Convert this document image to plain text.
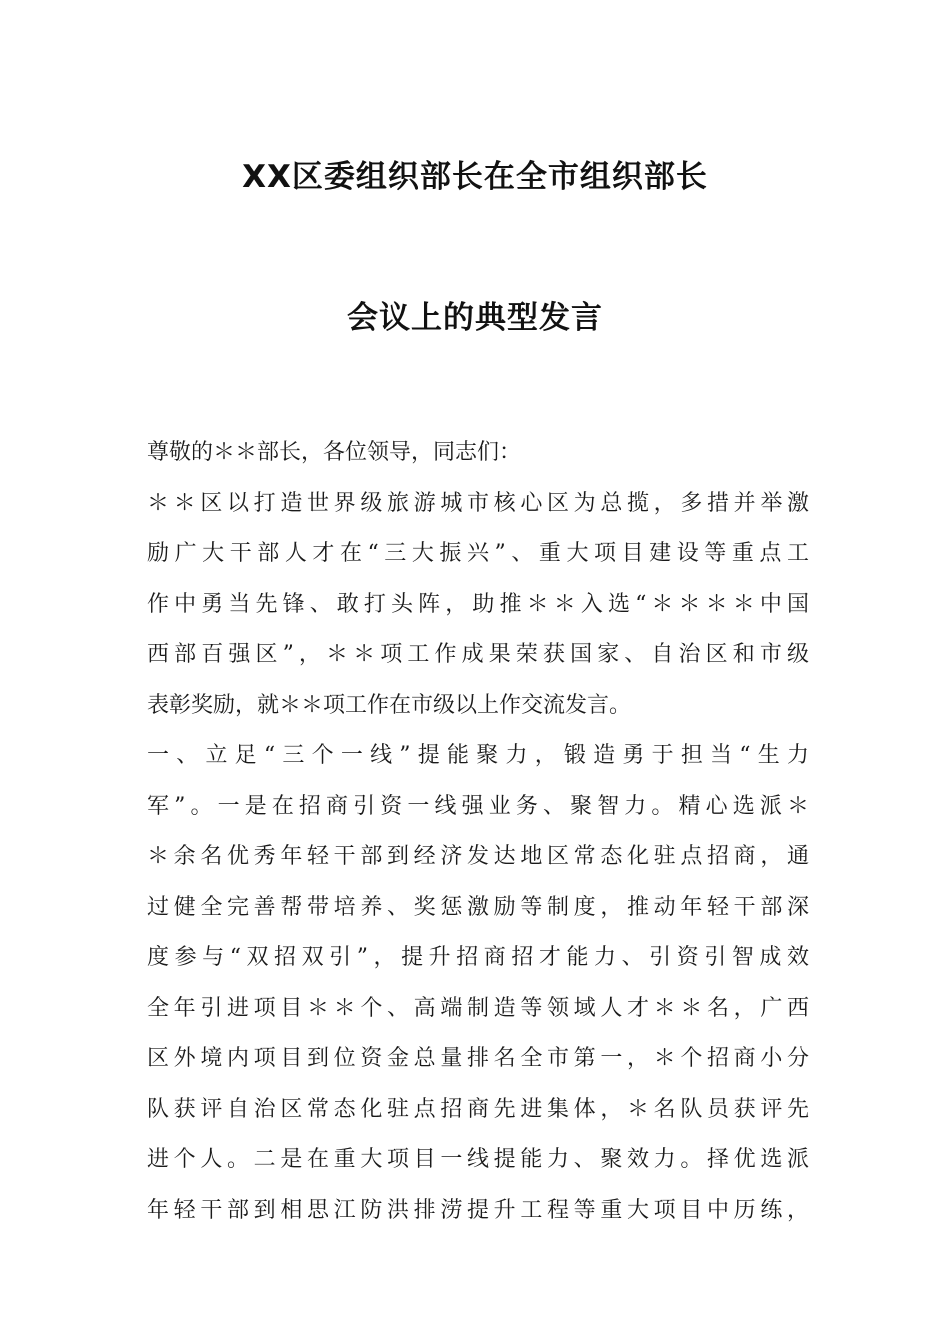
XX区委组织部长在全市组织部长
会议上的典型发言
尊敬的＊＊部长，各位领导，同志们：
＊＊区以打造世界级旅游城市核心区为总揽，多措并举激
励广大干部人才在“三大振兴”、重大项目建设等重点工
作中勇当先锋、敢打头阵，助推＊＊入选“＊＊＊＊中国
西部百强区”，＊＊项工作成果荣获国家、自治区和市级
表彰奖励，就＊＊项工作在市级以上作交流发言。
一、立足“三个一线”提能聚力，锻造勇于担当“生力
军”。一是在招商引资一线强业务、聚智力。精心选派＊
＊余名优秀年轻干部到经济发达地区常态化驻点招商，通
过健全完善帮带培养、奖惩激励等制度，推动年轻干部深
度参与“双招双引”，提升招商招才能力、引资引智成效
全年引进项目＊＊个、高端制造等领域人才＊＊名，广西
区外境内项目到位资金总量排名全市第一，＊个招商小分
队获评自治区常态化驻点招商先进集体，＊名队员获评先
进个人。二是在重大项目一线提能力、聚效力。择优选派
年轻干部到相思江防洪排涝提升工程等重大项目中历练，
